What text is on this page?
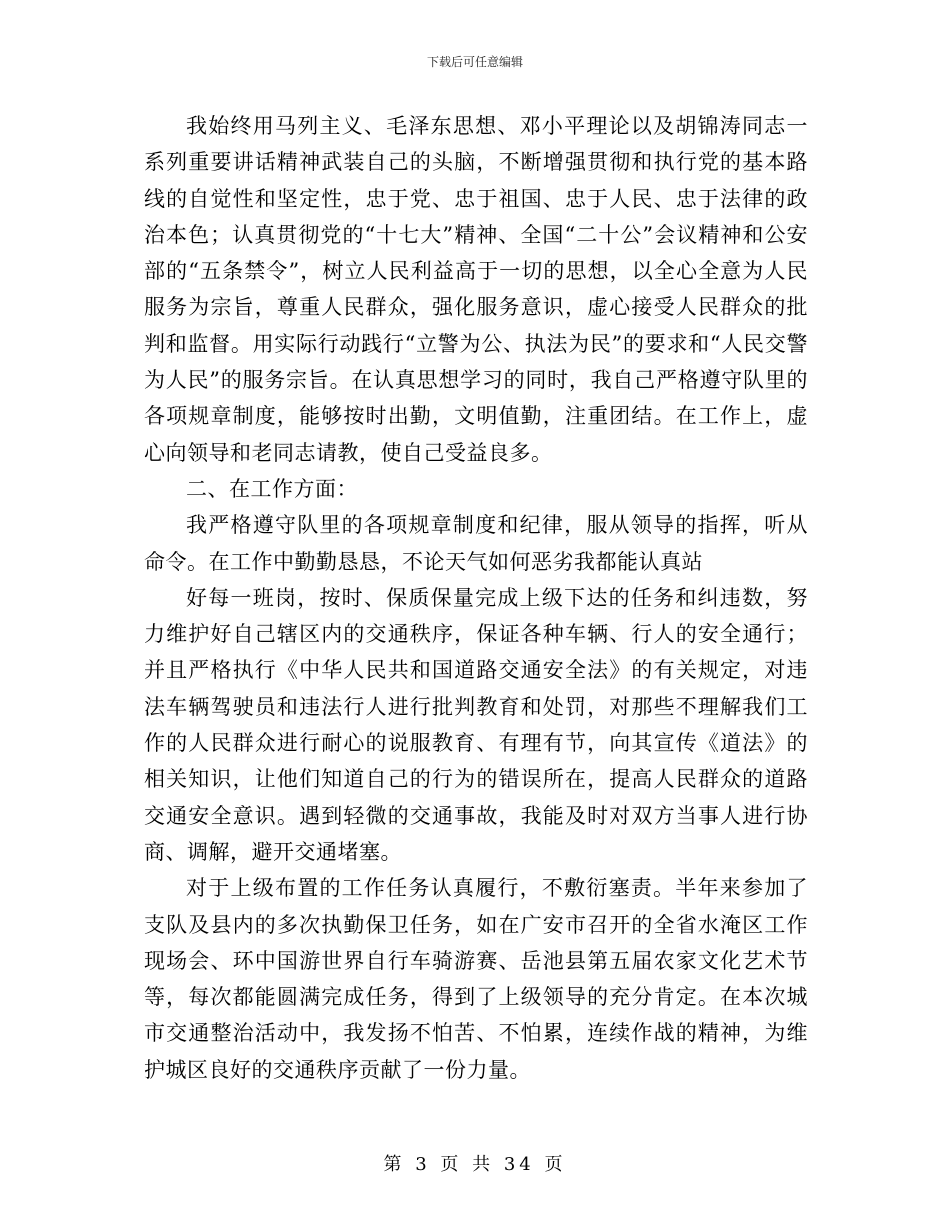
下载后可任意编辑

我始终用马列主义、毛泽东思想、邓小平理论以及胡锦涛同志一系列重要讲话精神武装自己的头脑，不断增强贯彻和执行党的基本路线的自觉性和坚定性，忠于党、忠于祖国、忠于人民、忠于法律的政治本色；认真贯彻党的“十七大”精神、全国“二十公”会议精神和公安部的“五条禁令”，树立人民利益高于一切的思想，以全心全意为人民服务为宗旨，尊重人民群众，强化服务意识，虚心接受人民群众的批判和监督。用实际行动践行“立警为公、执法为民”的要求和“人民交警为人民”的服务宗旨。在认真思想学习的同时，我自己严格遵守队里的各项规章制度，能够按时出勤，文明值勤，注重团结。在工作上，虚心向领导和老同志请教，使自己受益良多。

二、在工作方面：

我严格遵守队里的各项规章制度和纪律，服从领导的指挥，听从命令。在工作中勤勤恳恳，不论天气如何恶劣我都能认真站

好每一班岗，按时、保质保量完成上级下达的任务和纠违数，努力维护好自己辖区内的交通秩序，保证各种车辆、行人的安全通行；并且严格执行《中华人民共和国道路交通安全法》的有关规定，对违法车辆驾驶员和违法行人进行批判教育和处罚，对那些不理解我们工作的人民群众进行耐心的说服教育、有理有节，向其宣传《道法》的相关知识，让他们知道自己的行为的错误所在，提高人民群众的道路交通安全意识。遇到轻微的交通事故，我能及时对双方当事人进行协商、调解，避开交通堵塞。

对于上级布置的工作任务认真履行，不敷衍塞责。半年来参加了支队及县内的多次执勤保卫任务，如在广安市召开的全省水淹区工作现场会、环中国游世界自行车骑游赛、岳池县第五届农家文化艺术节等，每次都能圆满完成任务，得到了上级领导的充分肯定。在本次城市交通整治活动中，我发扬不怕苦、不怕累，连续作战的精神，为维护城区良好的交通秩序贡献了一份力量。

第 3 页 共 34 页
